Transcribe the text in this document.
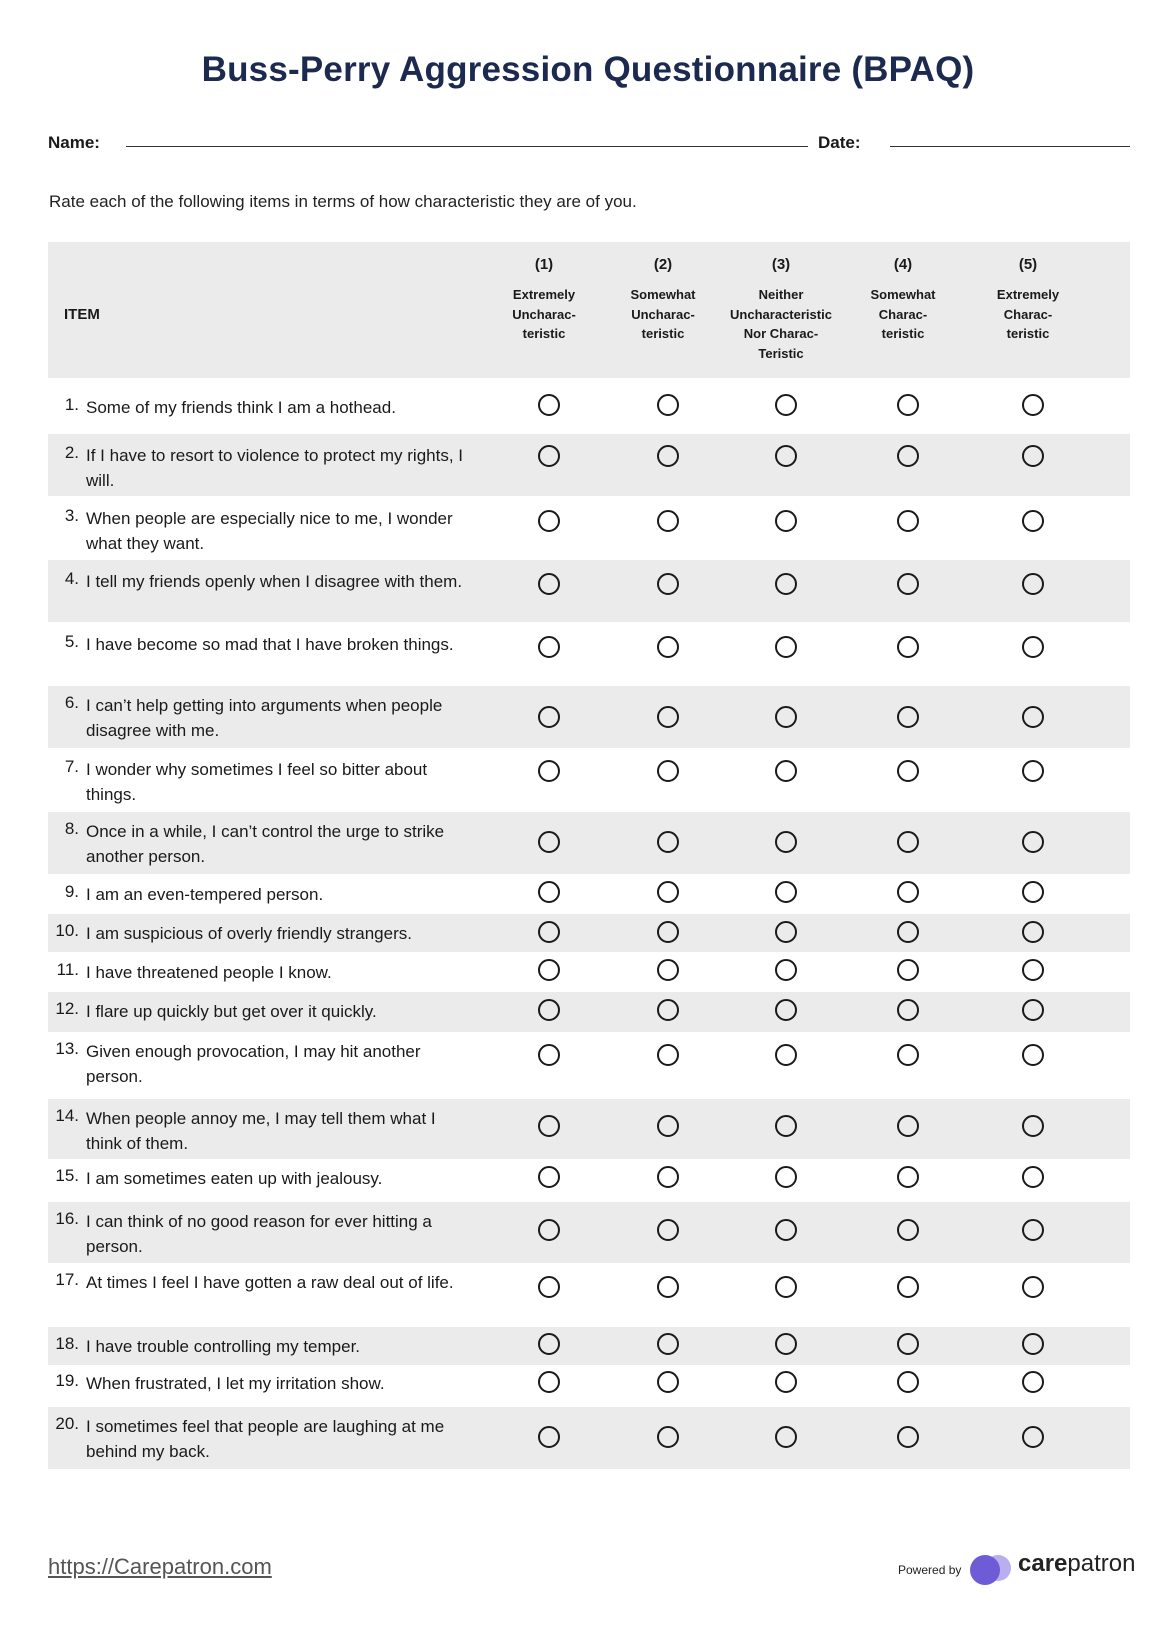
Buss-Perry Aggression Questionnaire (BPAQ)
Name:	Date:
Rate each of the following items in terms of how characteristic they are of you.
ITEM
(1)
Extremely
Uncharac-
teristic
(2)
Somewhat
Uncharac-
teristic
(3)
Neither
Uncharacteristic
Nor Charac-
Teristic
(4)
Somewhat
Charac-
teristic
(5)
Extremely
Charac-
teristic
1. Some of my friends think I am a hothead.
2. If I have to resort to violence to protect my rights, I will.
3. When people are especially nice to me, I wonder what they want.
4. I tell my friends openly when I disagree with them.
5. I have become so mad that I have broken things.
6. I can’t help getting into arguments when people disagree with me.
7. I wonder why sometimes I feel so bitter about things.
8. Once in a while, I can’t control the urge to strike another person.
9. I am an even-tempered person.
10. I am suspicious of overly friendly strangers.
11. I have threatened people I know.
12. I flare up quickly but get over it quickly.
13. Given enough provocation, I may hit another person.
14. When people annoy me, I may tell them what I think of them.
15. I am sometimes eaten up with jealousy.
16. I can think of no good reason for ever hitting a person.
17. At times I feel I have gotten a raw deal out of life.
18. I have trouble controlling my temper.
19. When frustrated, I let my irritation show.
20. I sometimes feel that people are laughing at me behind my back.
https://Carepatron.com	Powered by carepatron
